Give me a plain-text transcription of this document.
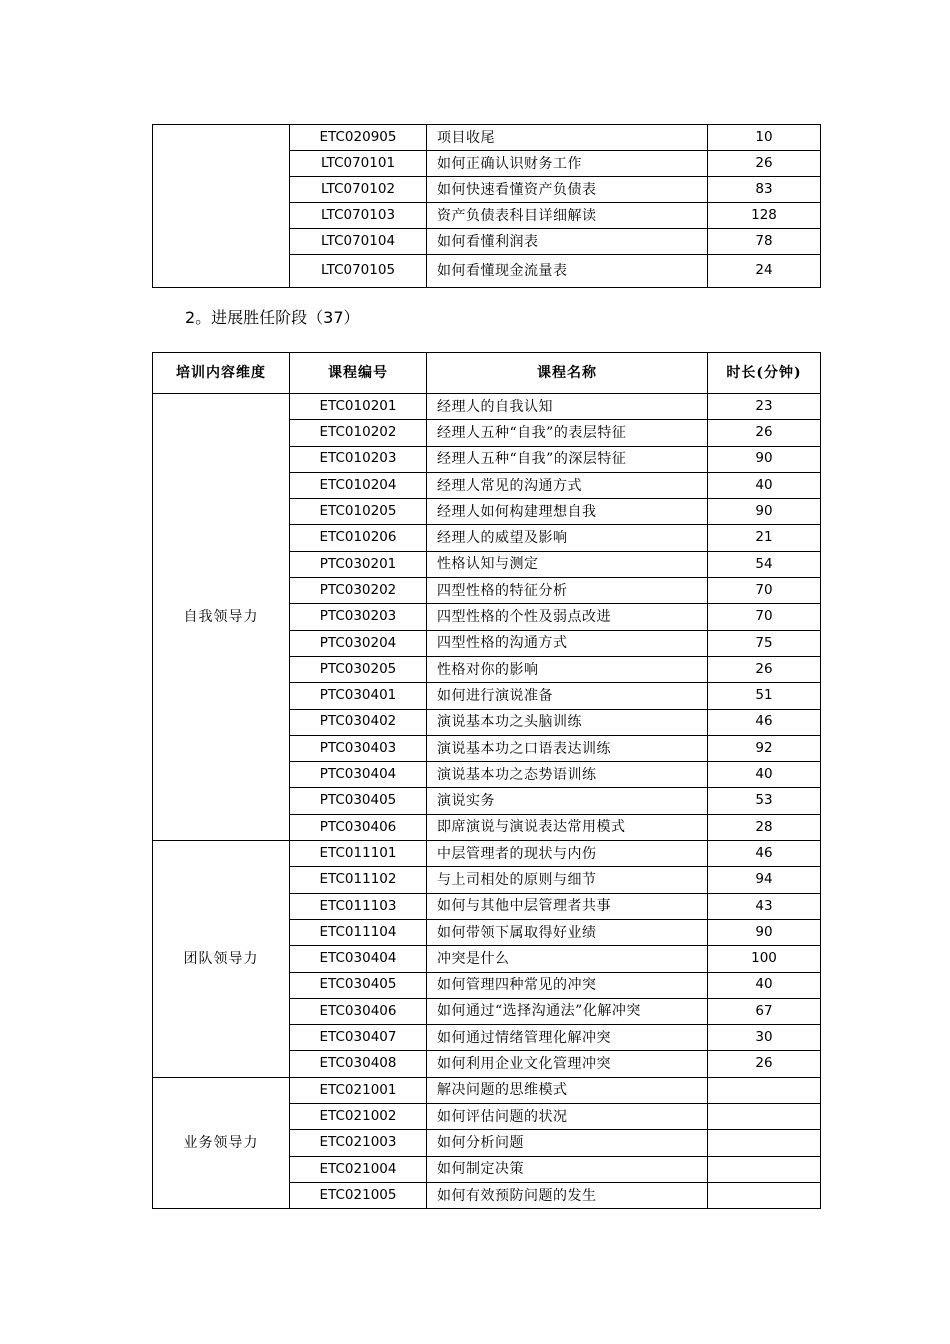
	ETC020905	项目收尾	10
	LTC070101	如何正确认识财务工作	26
	LTC070102	如何快速看懂资产负债表	83
	LTC070103	资产负债表科目详细解读	128
	LTC070104	如何看懂利润表	78
	LTC070105	如何看懂现金流量表	24
2。进展胜任阶段（37）
培训内容维度	课程编号	课程名称	时长(分钟)
自我领导力	ETC010201	经理人的自我认知	23
	ETC010202	经理人五种“自我”的表层特征	26
	ETC010203	经理人五种“自我”的深层特征	90
	ETC010204	经理人常见的沟通方式	40
	ETC010205	经理人如何构建理想自我	90
	ETC010206	经理人的威望及影响	21
	PTC030201	性格认知与测定	54
	PTC030202	四型性格的特征分析	70
	PTC030203	四型性格的个性及弱点改进	70
	PTC030204	四型性格的沟通方式	75
	PTC030205	性格对你的影响	26
	PTC030401	如何进行演说准备	51
	PTC030402	演说基本功之头脑训练	46
	PTC030403	演说基本功之口语表达训练	92
	PTC030404	演说基本功之态势语训练	40
	PTC030405	演说实务	53
	PTC030406	即席演说与演说表达常用模式	28
团队领导力	ETC011101	中层管理者的现状与内伤	46
	ETC011102	与上司相处的原则与细节	94
	ETC011103	如何与其他中层管理者共事	43
	ETC011104	如何带领下属取得好业绩	90
	ETC030404	冲突是什么	100
	ETC030405	如何管理四种常见的冲突	40
	ETC030406	如何通过“选择沟通法”化解冲突	67
	ETC030407	如何通过情绪管理化解冲突	30
	ETC030408	如何利用企业文化管理冲突	26
业务领导力	ETC021001	解决问题的思维模式	
	ETC021002	如何评估问题的状况	
	ETC021003	如何分析问题	
	ETC021004	如何制定决策	
	ETC021005	如何有效预防问题的发生	
